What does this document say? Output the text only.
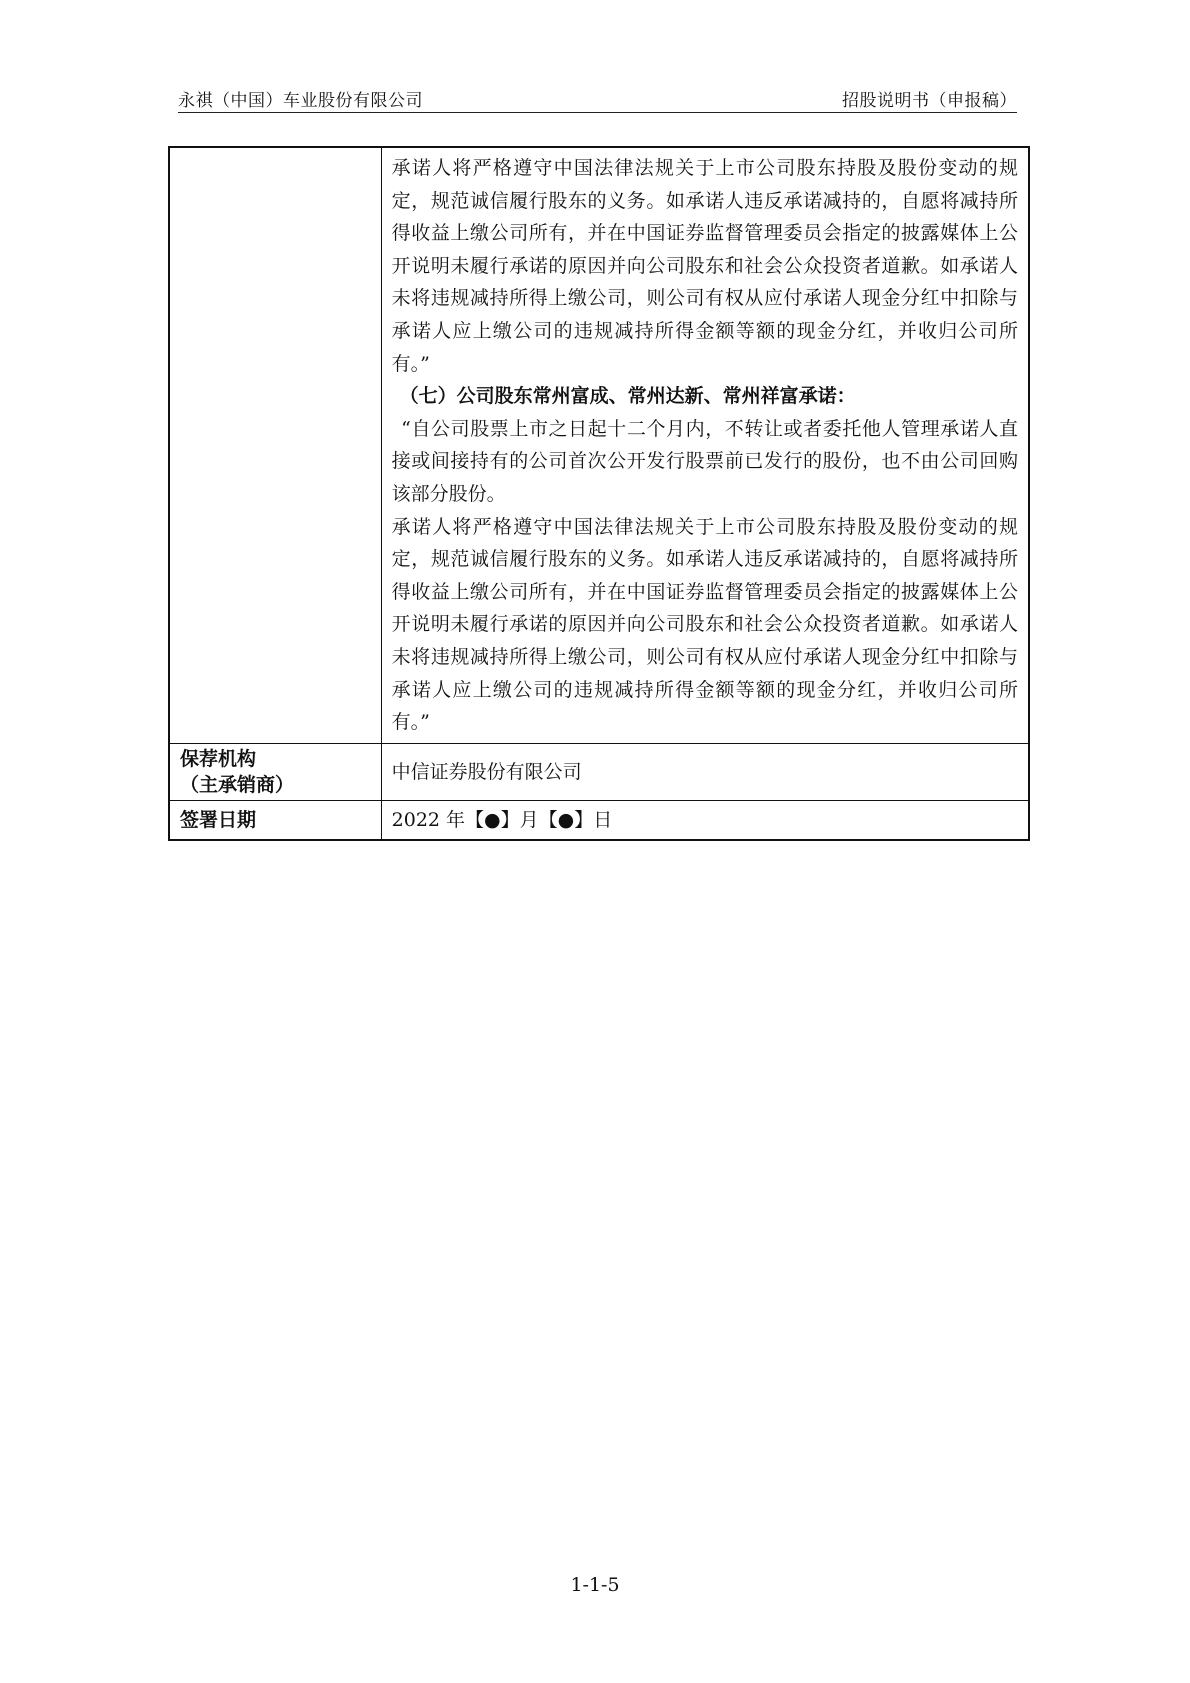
永祺（中国）车业股份有限公司	招股说明书（申报稿）

	承诺人将严格遵守中国法律法规关于上市公司股东持股及股份变动的规定，规范诚信履行股东的义务。如承诺人违反承诺减持的，自愿将减持所得收益上缴公司所有，并在中国证券监督管理委员会指定的披露媒体上公开说明未履行承诺的原因并向公司股东和社会公众投资者道歉。如承诺人未将违规减持所得上缴公司，则公司有权从应付承诺人现金分红中扣除与承诺人应上缴公司的违规减持所得金额等额的现金分红，并收归公司所有。”

（七）公司股东常州富成、常州达新、常州祥富承诺：

“自公司股票上市之日起十二个月内，不转让或者委托他人管理承诺人直接或间接持有的公司首次公开发行股票前已发行的股份，也不由公司回购该部分股份。

承诺人将严格遵守中国法律法规关于上市公司股东持股及股份变动的规定，规范诚信履行股东的义务。如承诺人违反承诺减持的，自愿将减持所得收益上缴公司所有，并在中国证券监督管理委员会指定的披露媒体上公开说明未履行承诺的原因并向公司股东和社会公众投资者道歉。如承诺人未将违规减持所得上缴公司，则公司有权从应付承诺人现金分红中扣除与承诺人应上缴公司的违规减持所得金额等额的现金分红，并收归公司所有。”

保荐机构
（主承销商）	中信证券股份有限公司
签署日期	2022 年【●】月【●】日
1-1-5
